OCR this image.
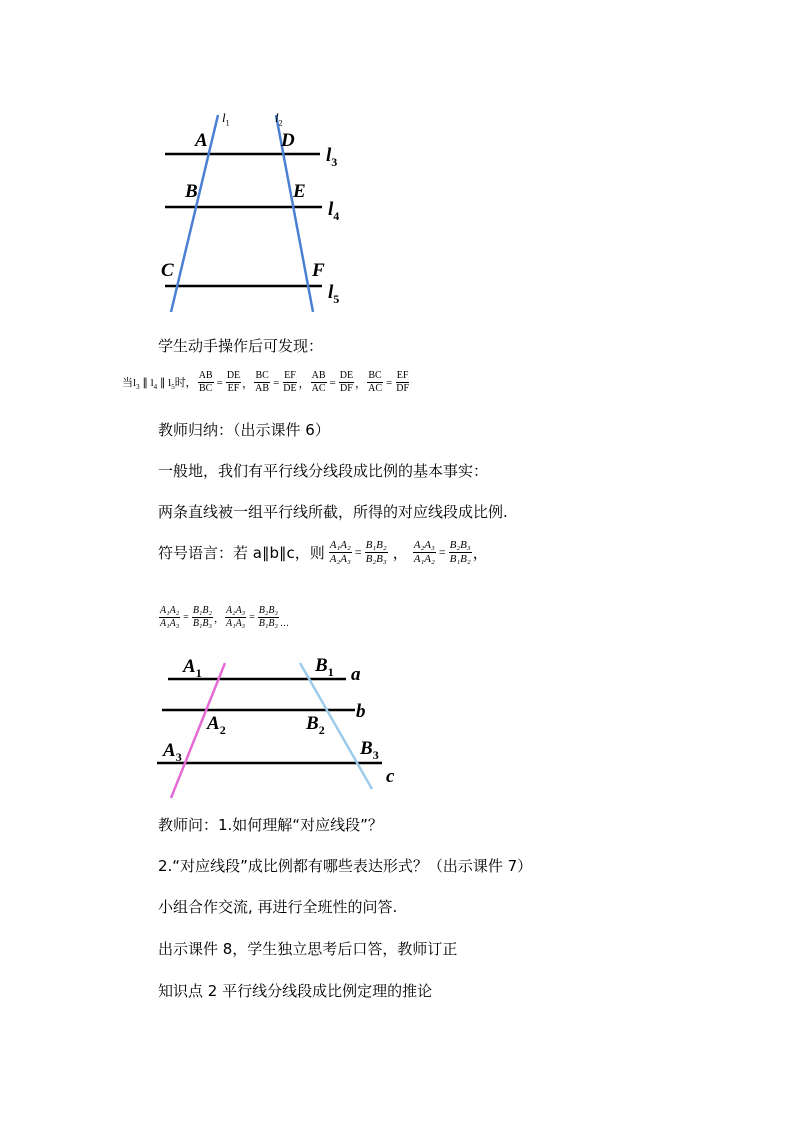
A	D
B	E
C	F
$l_1$	$l_2$
$l_3$
$l_4$
$l_5$
学生动手操作后可发现：
当$l_3$ ∥ $l_4$ ∥ $l_5$时， $\frac{AB}{BC} = \frac{DE}{EF}$ ， $\frac{BC}{AB} = \frac{EF}{DE}$ ， $\frac{AB}{AC} = \frac{DE}{DF}$ ， $\frac{BC}{AC} = \frac{EF}{DF}$
教师归纳：（出示课件 6）
一般地，我们有平行线分线段成比例的基本事实：
两条直线被一组平行线所截，所得的对应线段成比例.
符号语言：若 a∥b∥c，则 $\frac{\text{A₁A₂}}{\text{A₂A₃}} = \frac{\text{B₁B₂}}{\text{B₂B₃}}$ ， $\frac{\text{A₂A₃}}{\text{A₁A₂}} = \frac{\text{B₂B₃}}{\text{B₁B₂}}$ ，
$\frac{\text{A₁A₂}}{\text{A₁A₃}} = \frac{\text{B₁B₂}}{\text{B₁B₃}}$ ， $\frac{\text{A₂A₃}}{\text{A₁A₃}} = \frac{\text{B₂B₃}}{\text{B₁B₃}}$ …
$A_1$
$A_2$
$A_3$
$B_1$
$B_2$
$B_3$
a
b
c
教师问：1.如何理解“对应线段”？
2.“对应线段”成比例都有哪些表达形式？（出示课件 7）
小组合作交流, 再进行全班性的问答.
出示课件 8，学生独立思考后口答，教师订正
知识点 2 平行线分线段成比例定理的推论
